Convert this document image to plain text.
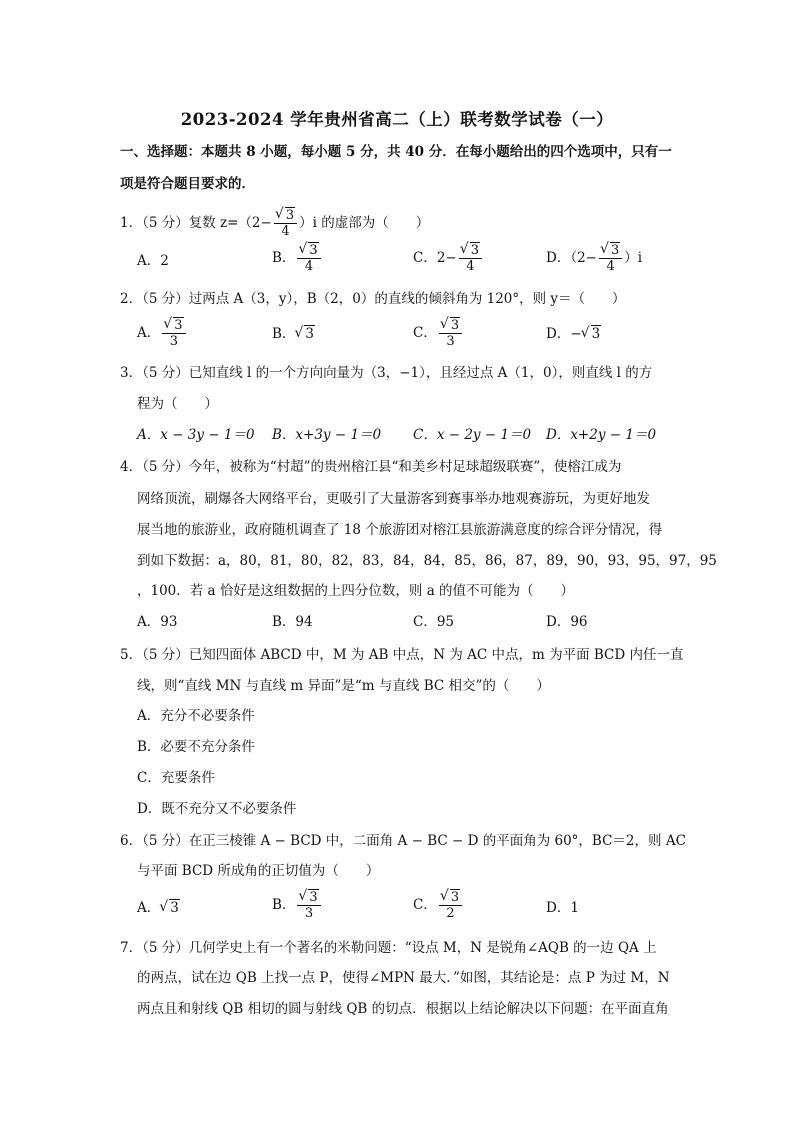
2023-2024 学年贵州省高二（上）联考数学试卷（一）
一、选择题：本题共 8 小题，每小题 5 分，共 40 分．在每小题给出的四个选项中，只有一
项是符合题目要求的．
1．（5 分）复数 z=（2− √ $\frac{3}{4} )i$ 的虚部为（　　）
A．2	B． √ $\frac{3}{4}$	C．2− √ $\frac{3}{4}$	D．（2− √ $\frac{3}{4} )i$
2．（5 分）过两点 A（3，y），B（2，0）的直线的倾斜角为 120°，则 y＝（　　）
A． √ $\frac{3}{3}$	B． √ 3	C． √ $\frac{3}{3}$	D．− √ 3
3．（5 分）已知直线 l 的一个方向向量为（3，−1），且经过点 A（1，0），则直线 l 的方
程为（　　）
A．x − 3y − 1＝0 B．x+3y − 1＝0 C．x − 2y − 1＝0 D．x+2y − 1＝0
4．（5 分）今年，被称为“村超”的贵州榕江县“和美乡村足球超级联赛”，使榕江成为
网络顶流，刷爆各大网络平台，更吸引了大量游客到赛事举办地观赛游玩，为更好地发
展当地的旅游业，政府随机调查了 18 个旅游团对榕江县旅游满意度的综合评分情况，得
到如下数据：a，80，81，80，82，83，84，84，85，86，87，89，90，93，95，97，95
，100．若 a 恰好是这组数据的上四分位数，则 a 的值不可能为（　　）
A．93	B．94	C．95	D．96
5．（5 分）已知四面体 ABCD 中，M 为 AB 中点，N 为 AC 中点，m 为平面 BCD 内任一直
线，则“直线 MN 与直线 m 异面”是“m 与直线 BC 相交”的（　　）
A．充分不必要条件
B．必要不充分条件
C．充要条件
D．既不充分又不必要条件
6．（5 分）在正三棱锥 A − BCD 中，二面角 A − BC − D 的平面角为 60°，BC＝2，则 AC
与平面 BCD 所成角的正切值为（　　）
A． √ 3	B． √ $\frac{3}{3}$	C． √ $\frac{3}{2}$	D．1
7．（5 分）几何学史上有一个著名的米勒问题：“设点 M，N 是锐角∠AQB 的一边 QA 上
的两点，试在边 QB 上找一点 P，使得∠MPN 最大．”如图，其结论是：点 P 为过 M，N
两点且和射线 QB 相切的圆与射线 QB 的切点．根据以上结论解决以下问题：在平面直角
